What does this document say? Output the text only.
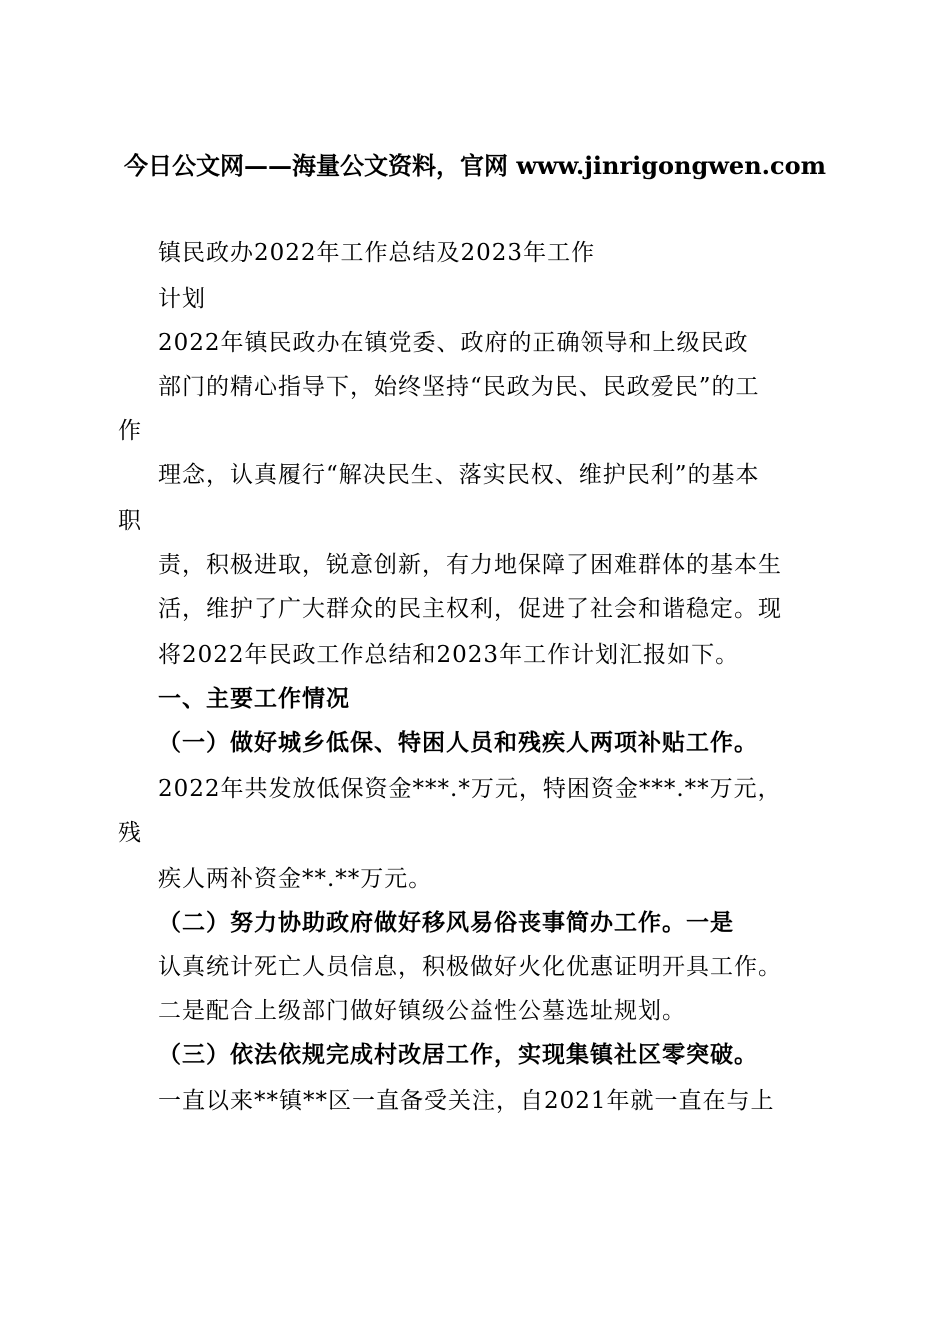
今日公文网——海量公文资料，官网 www.jinrigongwen.com
镇民政办2022年工作总结及2023年工作
计划
2022年镇民政办在镇党委、政府的正确领导和上级民政
部门的精心指导下，始终坚持“民政为民、民政爱民”的工
作
理念，认真履行“解决民生、落实民权、维护民利”的基本
职
责，积极进取，锐意创新，有力地保障了困难群体的基本生
活，维护了广大群众的民主权利，促进了社会和谐稳定。现
将2022年民政工作总结和2023年工作计划汇报如下。
一、主要工作情况
（一）做好城乡低保、特困人员和残疾人两项补贴工作。
2022年共发放低保资金***.*万元，特困资金***.**万元，
残
疾人两补资金**.**万元。
（二）努力协助政府做好移风易俗丧事简办工作。一是
认真统计死亡人员信息，积极做好火化优惠证明开具工作。
二是配合上级部门做好镇级公益性公墓选址规划。
（三）依法依规完成村改居工作，实现集镇社区零突破。
一直以来**镇**区一直备受关注，自2021年就一直在与上
